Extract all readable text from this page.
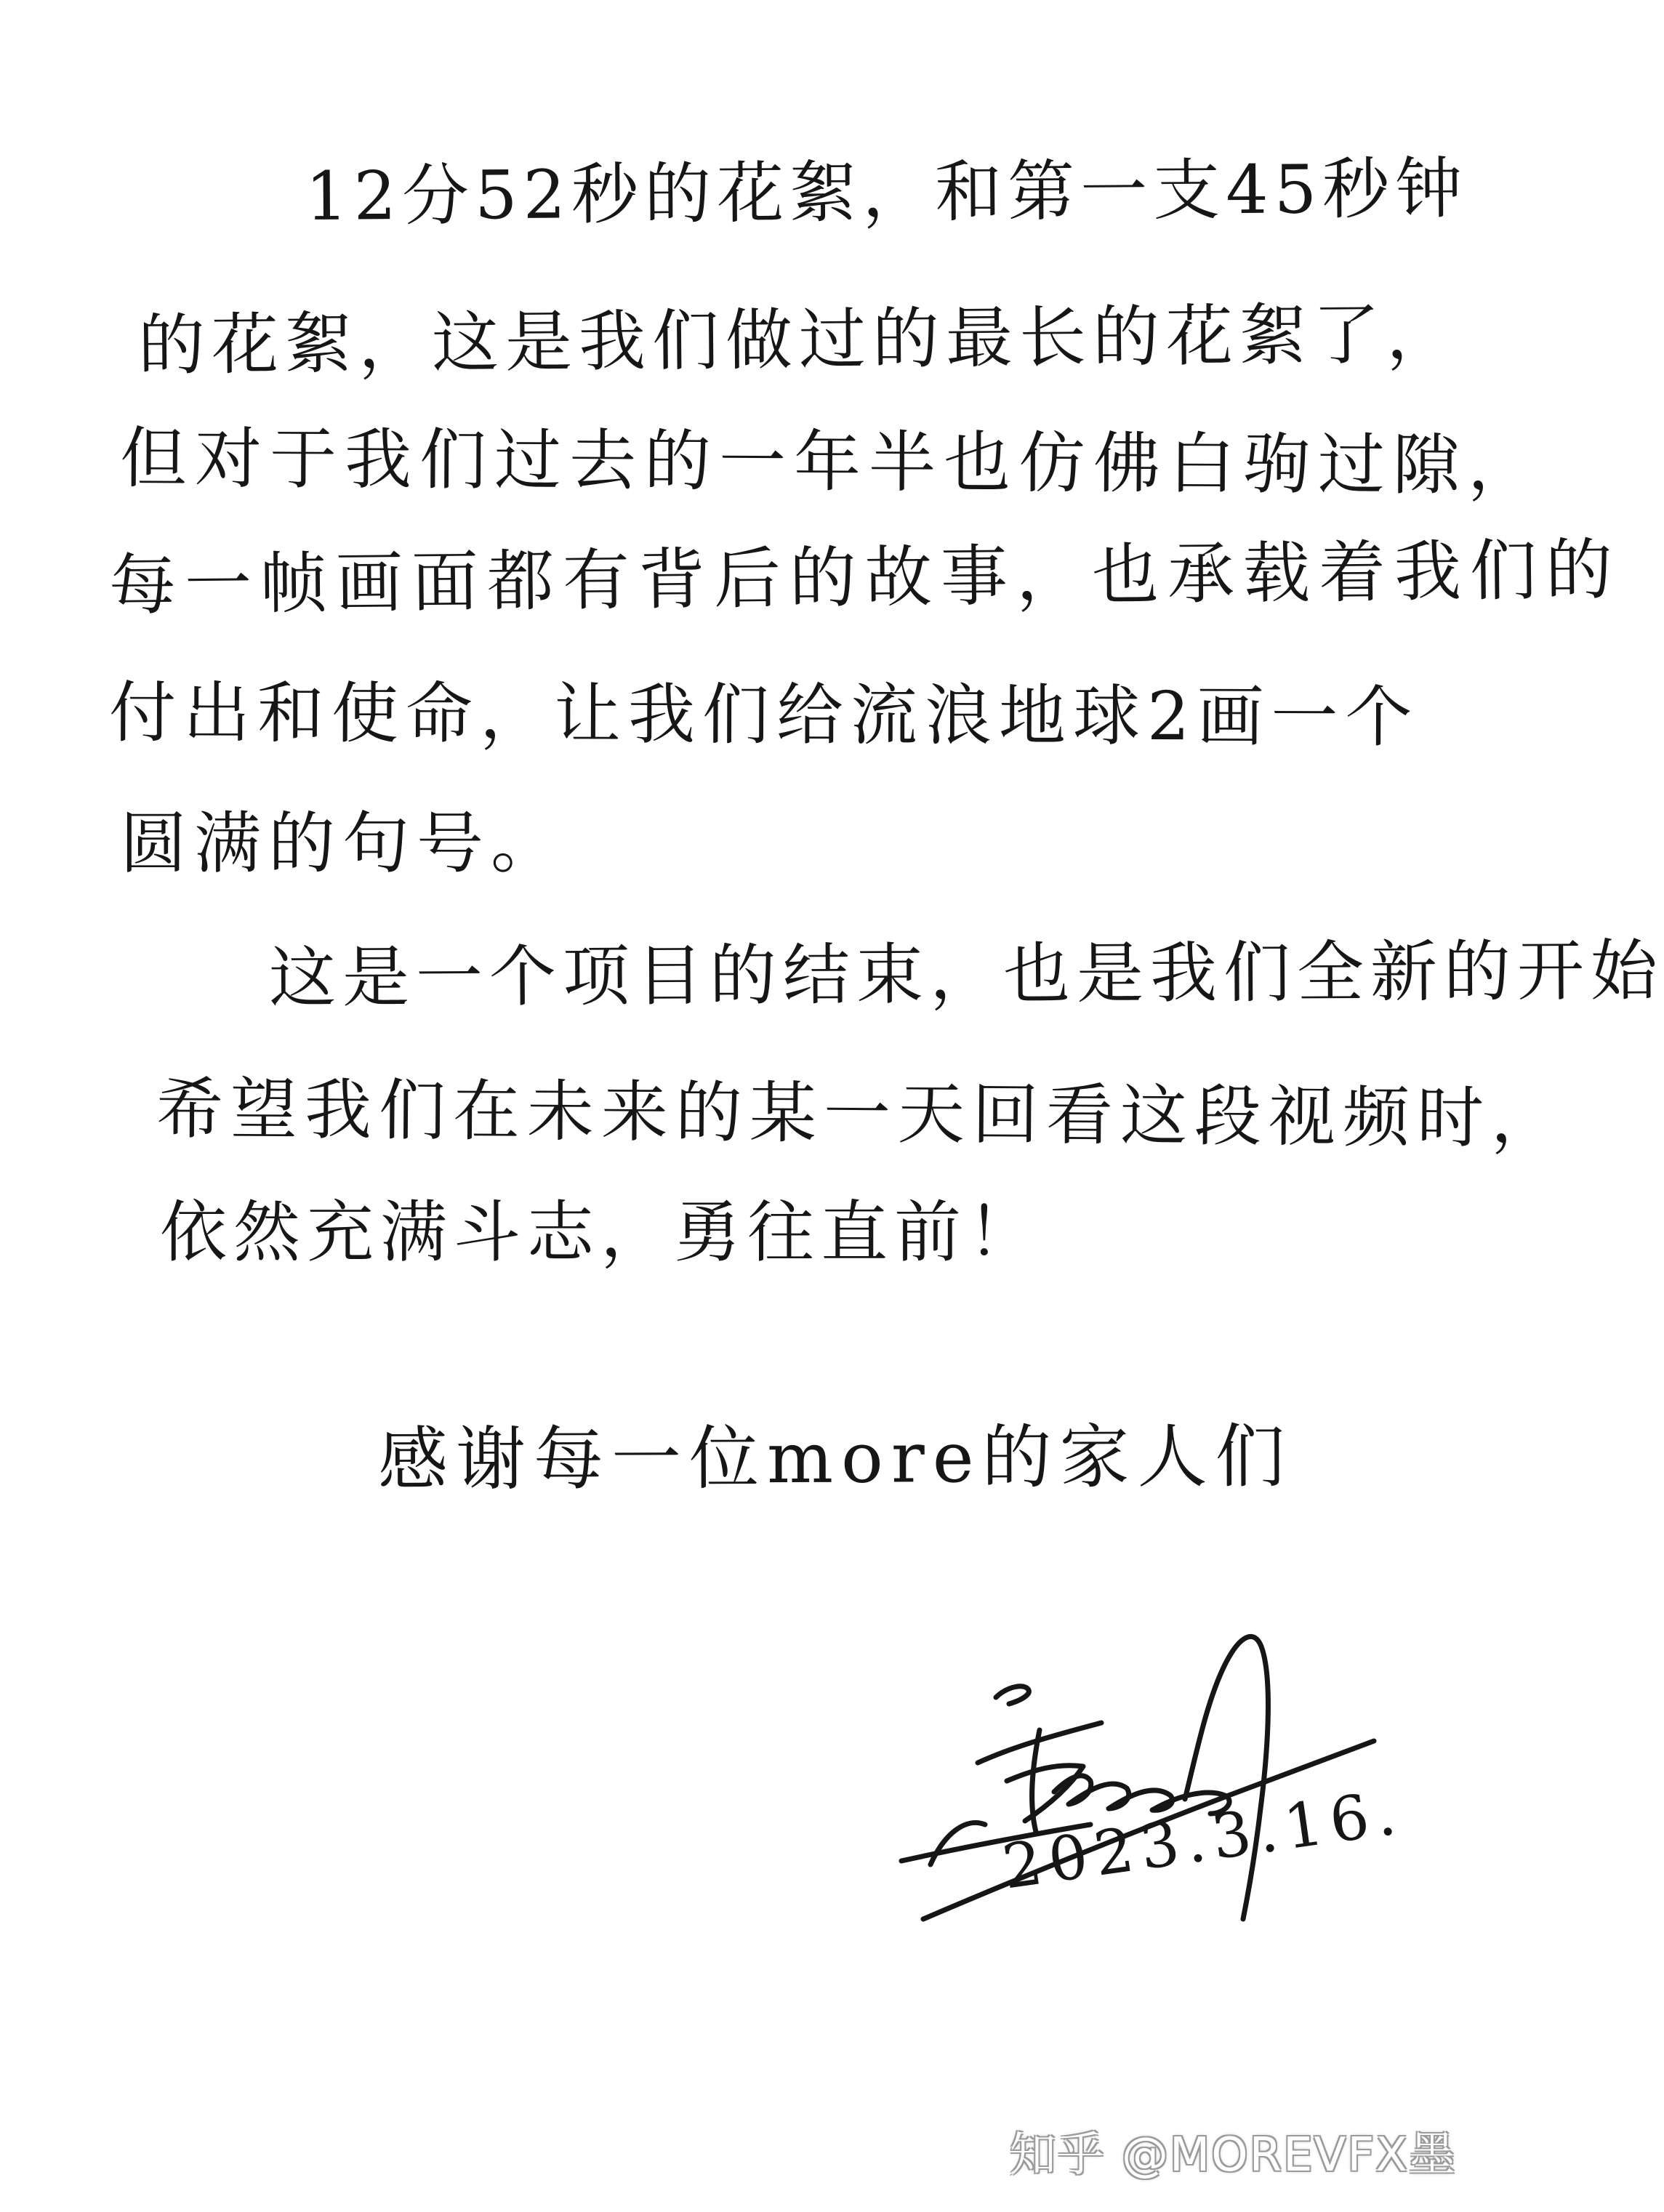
12分52秒的花絮，和第一支45秒钟
的花絮，这是我们做过的最长的花絮了，
但对于我们过去的一年半也仿佛白驹过隙，
每一帧画面都有背后的故事，也承载着我们的
付出和使命，让我们给流浪地球2画一个
圆满的句号。
这是一个项目的结束，也是我们全新的开始
希望我们在未来的某一天回看这段视频时，
依然充满斗志，勇往直前！
感谢每一位more的家人们
2023.3.16.
知乎 @MOREVFX墨
